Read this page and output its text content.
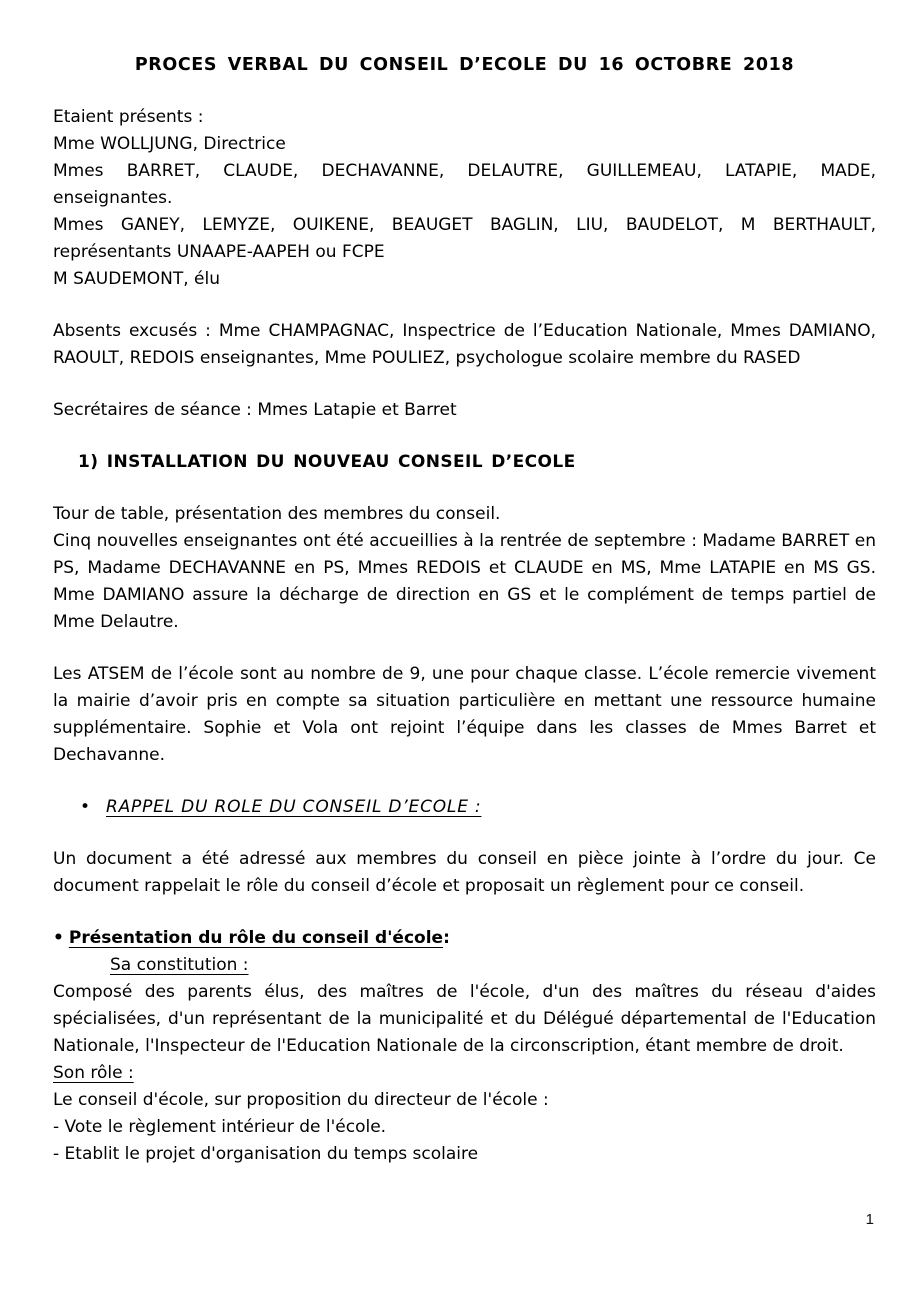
PROCES VERBAL DU CONSEIL D’ECOLE DU 16 OCTOBRE 2018

Etaient présents :

Mme WOLLJUNG, Directrice

Mmes BARRET, CLAUDE, DECHAVANNE, DELAUTRE, GUILLEMEAU, LATAPIE, MADE, enseignantes.

Mmes GANEY, LEMYZE, OUIKENE, BEAUGET BAGLIN, LIU, BAUDELOT, M BERTHAULT, représentants UNAAPE-AAPEH ou FCPE

M SAUDEMONT, élu

Absents excusés : Mme CHAMPAGNAC, Inspectrice de l’Education Nationale, Mmes DAMIANO, RAOULT, REDOIS enseignantes, Mme POULIEZ, psychologue scolaire membre du RASED

Secrétaires de séance : Mmes Latapie et Barret

1) INSTALLATION DU NOUVEAU CONSEIL D’ECOLE

Tour de table, présentation des membres du conseil.

Cinq nouvelles enseignantes ont été accueillies à la rentrée de septembre : Madame BARRET en PS, Madame DECHAVANNE en PS, Mmes REDOIS et CLAUDE en MS, Mme LATAPIE en MS GS. Mme DAMIANO assure la décharge de direction en GS et le complément de temps partiel de Mme Delautre.

Les ATSEM de l’école sont au nombre de 9, une pour chaque classe. L’école remercie vivement la mairie d’avoir pris en compte sa situation particulière en mettant une ressource humaine supplémentaire. Sophie et Vola ont rejoint l’équipe dans les classes de Mmes Barret et Dechavanne.

• RAPPEL DU ROLE DU CONSEIL D’ECOLE :

Un document a été adressé aux membres du conseil en pièce jointe à l’ordre du jour. Ce document rappelait le rôle du conseil d’école et proposait un règlement pour ce conseil.

• Présentation du rôle du conseil d'école:

Sa constitution :

Composé des parents élus, des maîtres de l'école, d'un des maîtres du réseau d'aides spécialisées, d'un représentant de la municipalité et du Délégué départemental de l'Education Nationale, l'Inspecteur de l'Education Nationale de la circonscription, étant membre de droit.

Son rôle :

Le conseil d'école, sur proposition du directeur de l'école :

- Vote le règlement intérieur de l'école.

- Etablit le projet d'organisation du temps scolaire

1
